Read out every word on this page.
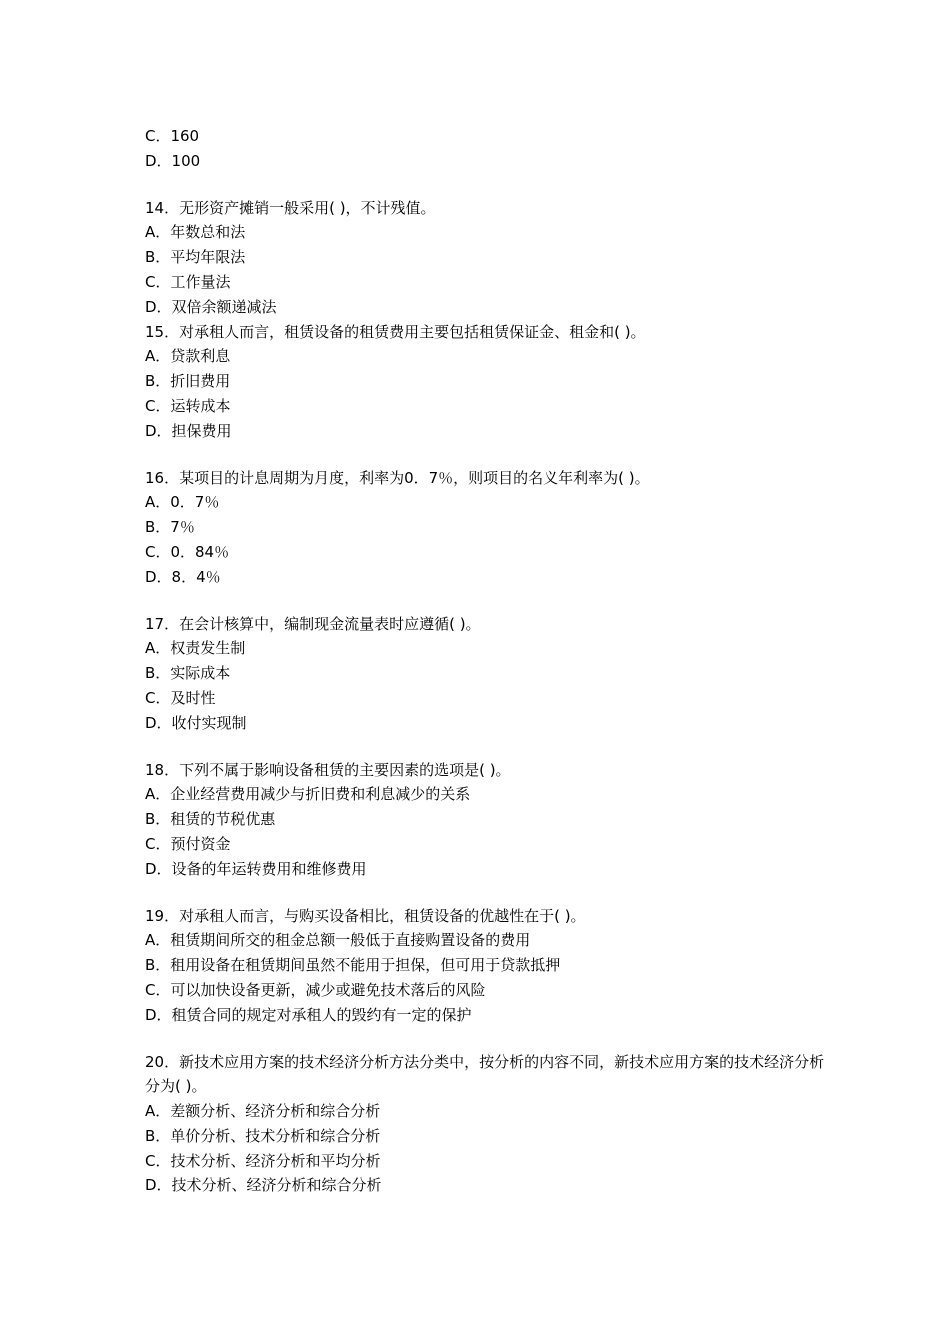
C．160

D．100

14．无形资产摊销一般采用( )，不计残值。

A．年数总和法

B．平均年限法

C．工作量法

D．双倍余额递减法

15．对承租人而言，租赁设备的租赁费用主要包括租赁保证金、租金和( )。

A．贷款利息

B．折旧费用

C．运转成本

D．担保费用

16．某项目的计息周期为月度，利率为0．7％，则项目的名义年利率为( )。

A．0．7％

B．7％

C．0．84％

D．8．4％

17．在会计核算中，编制现金流量表时应遵循( )。

A．权责发生制

B．实际成本

C．及时性

D．收付实现制

18．下列不属于影响设备租赁的主要因素的选项是( )。

A．企业经营费用减少与折旧费和利息减少的关系

B．租赁的节税优惠

C．预付资金

D．设备的年运转费用和维修费用

19．对承租人而言，与购买设备相比，租赁设备的优越性在于( )。

A．租赁期间所交的租金总额一般低于直接购置设备的费用

B．租用设备在租赁期间虽然不能用于担保，但可用于贷款抵押

C．可以加快设备更新，减少或避免技术落后的风险

D．租赁合同的规定对承租人的毁约有一定的保护

20．新技术应用方案的技术经济分析方法分类中，按分析的内容不同，新技术应用方案的技术经济分析分为( )。

A．差额分析、经济分析和综合分析

B．单价分析、技术分析和综合分析

C．技术分析、经济分析和平均分析

D．技术分析、经济分析和综合分析
